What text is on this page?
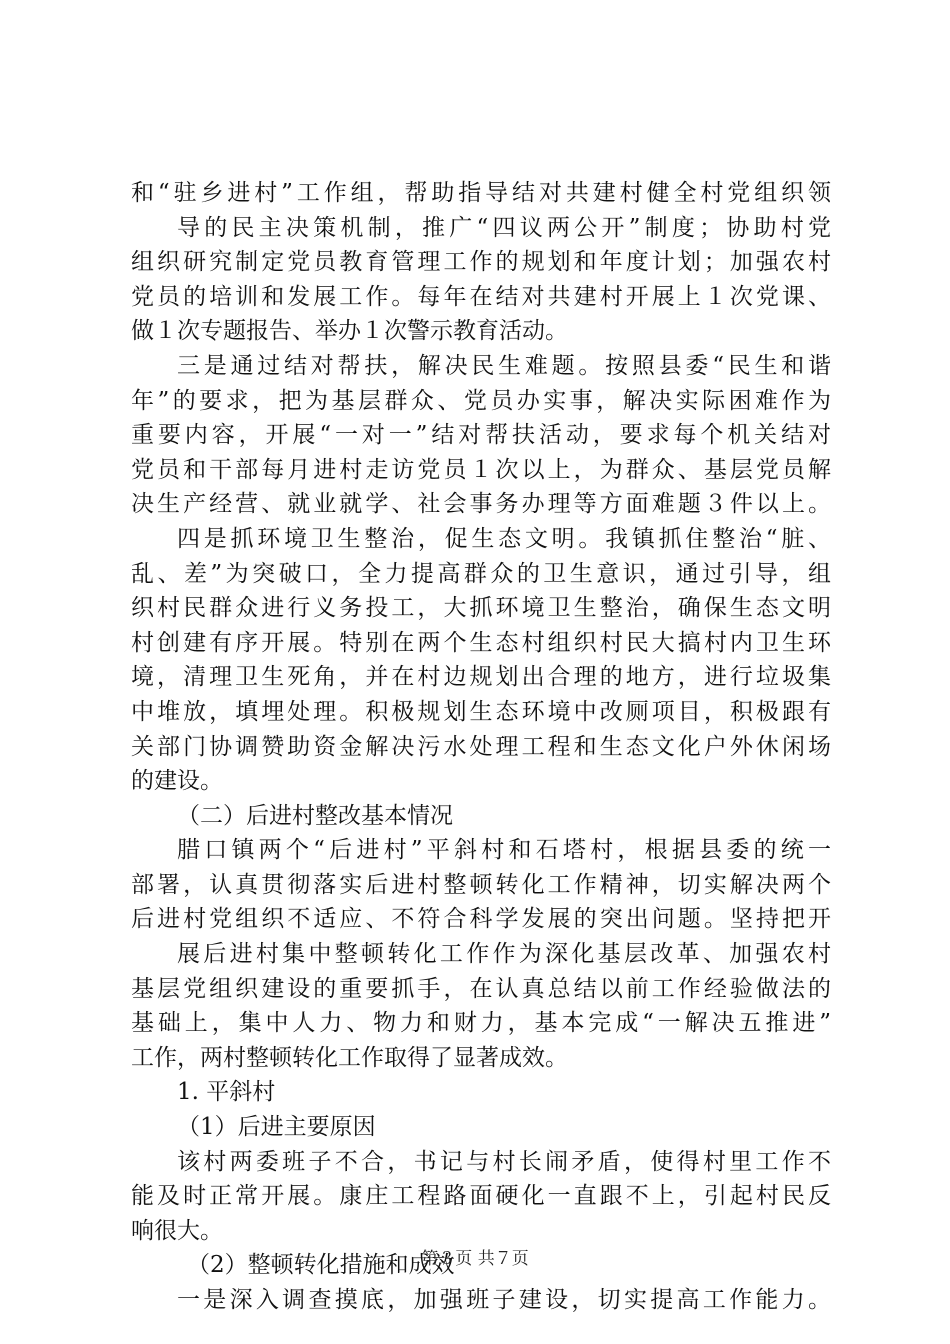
和“驻乡进村”工作组，帮助指导结对共建村健全村党组织领
导的民主决策机制，推广“四议两公开”制度；协助村党
组织研究制定党员教育管理工作的规划和年度计划；加强农村
党员的培训和发展工作。每年在结对共建村开展上１次党课、
做１次专题报告、举办１次警示教育活动。
三是通过结对帮扶，解决民生难题。按照县委“民生和谐
年”的要求，把为基层群众、党员办实事，解决实际困难作为
重要内容，开展“一对一”结对帮扶活动，要求每个机关结对
党员和干部每月进村走访党员１次以上，为群众、基层党员解
决生产经营、就业就学、社会事务办理等方面难题３件以上。
四是抓环境卫生整治，促生态文明。我镇抓住整治“脏、
乱、差”为突破口，全力提高群众的卫生意识，通过引导，组
织村民群众进行义务投工，大抓环境卫生整治，确保生态文明
村创建有序开展。特别在两个生态村组织村民大搞村内卫生环
境，清理卫生死角，并在村边规划出合理的地方，进行垃圾集
中堆放，填埋处理。积极规划生态环境中改厕项目，积极跟有
关部门协调赞助资金解决污水处理工程和生态文化户外休闲场
的建设。
（二）后进村整改基本情况
腊口镇两个“后进村”平斜村和石塔村，根据县委的统一
部署，认真贯彻落实后进村整顿转化工作精神，切实解决两个
后进村党组织不适应、不符合科学发展的突出问题。坚持把开
展后进村集中整顿转化工作作为深化基层改革、加强农村
基层党组织建设的重要抓手，在认真总结以前工作经验做法的
基础上，集中人力、物力和财力，基本完成“一解决五推进”
工作，两村整顿转化工作取得了显著成效。
1. 平斜村
（1）后进主要原因
该村两委班子不合，书记与村长闹矛盾，使得村里工作不
能及时正常开展。康庄工程路面硬化一直跟不上，引起村民反
响很大。
（2）整顿转化措施和成效
一是深入调查摸底，加强班子建设，切实提高工作能力。
第３页 共７页
